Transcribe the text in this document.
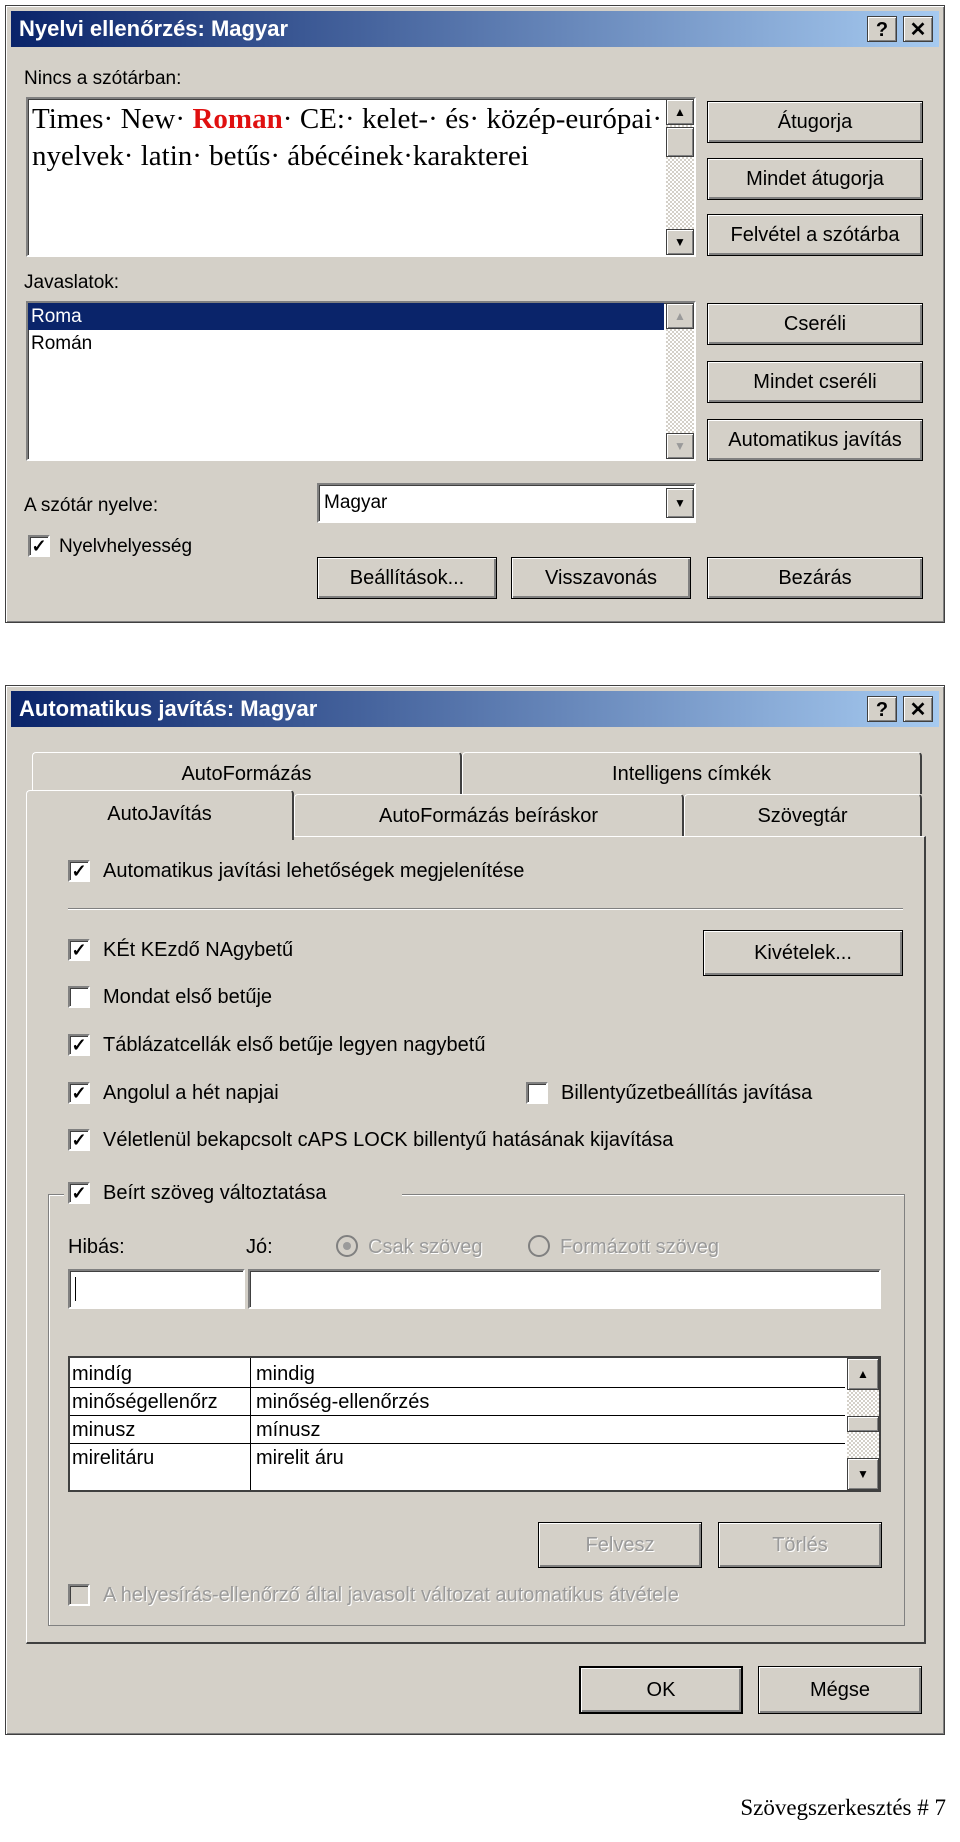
Nyelvi ellenőrzés: Magyar	?	✕
Nincs a szótárban:
Times· New· Roman· CE:· kelet-· és· közép-európai· nyelvek· latin· betűs· ábécéinek·karakterei
▲
▼
Javaslatok:
Roma
Román
▲
▼
Átugorja
Mindet átugorja
Felvétel a szótárba
Cseréli
Mindet cseréli
Automatikus javítás
A szótár nyelve:	Magyar	▼
✓ Nyelvhelyesség
Beállítások...	Visszavonás	Bezárás
Automatikus javítás: Magyar	?	✕
AutoFormázás	Intelligens címkék
AutoJavítás	AutoFormázás beíráskor	Szövegtár
✓ Automatikus javítási lehetőségek megjelenítése
✓ KÉt KEzdő NAgybetű	Kivételek...
Mondat első betűje
✓ Táblázatcellák első betűje legyen nagybetű
✓ Angolul a hét napjai	Billentyűzetbeállítás javítása
✓ Véletlenül bekapcsolt cAPS LOCK billentyű hatásának kijavítása
✓ Beírt szöveg változtatása
Hibás:	Jó:	Csak szöveg	Formázott szöveg
mindíg	mindig
minőségellenőrz minőség-ellenőrzés
minusz	mínusz
mirelitáru	mirelit áru
▲
▼
Felvesz	Törlés
A helyesírás-ellenőrző által javasolt változat automatikus átvétele
OK	Mégse
Szövegszerkesztés # 7
